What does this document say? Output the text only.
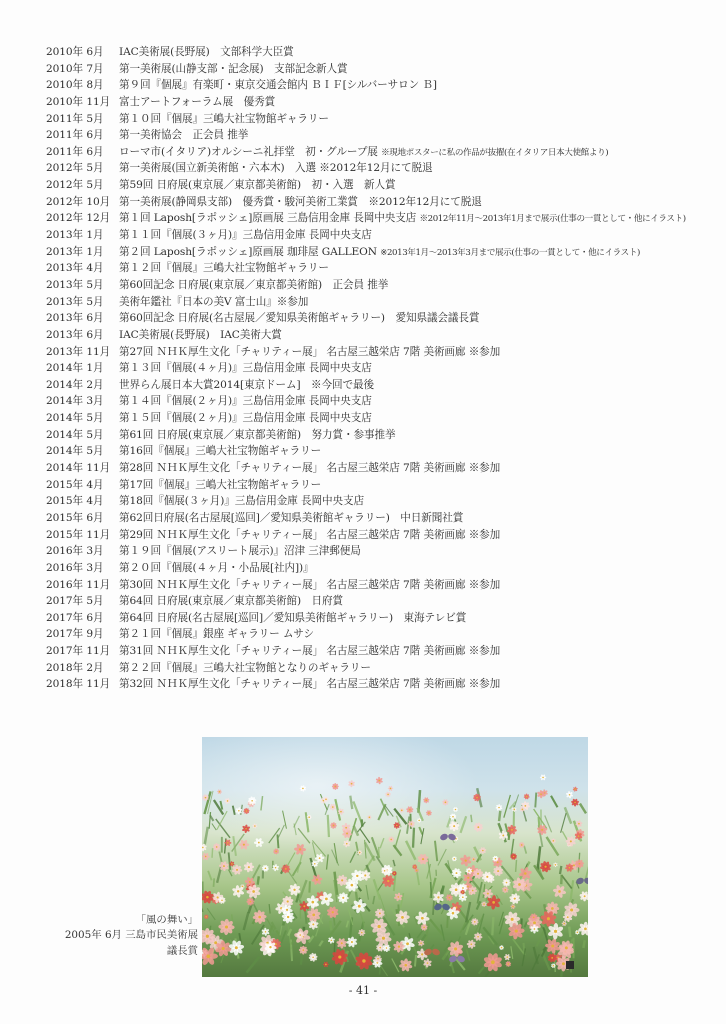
2010年 6月	IAC美術展(長野展)　文部科学大臣賞
2010年 7月	第一美術展(山静支部・記念展)　支部記念新人賞
2010年 8月	第９回『個展』有楽町・東京交通会館内 ＢＩＦ[シルバーサロン Ｂ]
2010年 11月 富士アートフォーラム展　優秀賞
2011年 5月	第１０回『個展』三嶋大社宝物館ギャラリー
2011年 6月	第一美術協会　正会員 推挙
2011年 6月	ローマ市(イタリア)オルシーニ礼拝堂　初・グループ展 ※現地ポスターに私の作品が抜擢(在イタリア日本大使館より)
2012年 5月	第一美術展(国立新美術館・六本木)　入選 ※2012年12月にて脱退
2012年 5月	第59回 日府展(東京展／東京都美術館)　初・入選　新人賞
2012年 10月 第一美術展(静岡県支部)　優秀賞・駿河美術工業賞　※2012年12月にて脱退
2012年 12月 第１回 Laposh[ラポッシェ]原画展 三島信用金庫 長岡中央支店 ※2012年11月～2013年1月まで展示(仕事の一貫として・他にイラスト)
2013年 1月	第１１回『個展(３ヶ月)』三島信用金庫 長岡中央支店
2013年 1月	第２回 Laposh[ラポッシェ]原画展 珈琲屋 GALLEON ※2013年1月～2013年3月まで展示(仕事の一貫として・他にイラスト)
2013年 4月	第１２回『個展』三嶋大社宝物館ギャラリー
2013年 5月	第60回記念 日府展(東京展／東京都美術館)　正会員 推挙
2013年 5月	美術年鑑社『日本の美Ⅴ 富士山』※参加
2013年 6月	第60回記念 日府展(名古屋展／愛知県美術館ギャラリー)　愛知県議会議長賞
2013年 6月	IAC美術展(長野展)　IAC美術大賞
2013年 11月 第27回 ＮＨＫ厚生文化「チャリティー展」 名古屋三越栄店 7階 美術画廊 ※参加
2014年 1月	第１３回『個展(４ヶ月)』三島信用金庫 長岡中央支店
2014年 2月	世界らん展日本大賞2014[東京ドーム]　※今回で最後
2014年 3月	第１４回『個展(２ヶ月)』三島信用金庫 長岡中央支店
2014年 5月	第１５回『個展(２ヶ月)』三島信用金庫 長岡中央支店
2014年 5月	第61回 日府展(東京展／東京都美術館)　努力賞・参事推挙
2014年 5月	第16回『個展』三嶋大社宝物館ギャラリー
2014年 11月 第28回 ＮＨＫ厚生文化「チャリティー展」 名古屋三越栄店 7階 美術画廊 ※参加
2015年 4月	第17回『個展』三嶋大社宝物館ギャラリー
2015年 4月	第18回『個展(３ヶ月)』三島信用金庫 長岡中央支店
2015年 6月	第62回日府展(名古屋展[巡回]／愛知県美術館ギャラリー)　中日新聞社賞
2015年 11月 第29回 ＮＨＫ厚生文化「チャリティー展」 名古屋三越栄店 7階 美術画廊 ※参加
2016年 3月	第１９回『個展(アスリート展示)』沼津 三津郵便局
2016年 3月	第２０回『個展(４ヶ月・小品展[社内])』
2016年 11月 第30回 ＮＨＫ厚生文化「チャリティー展」 名古屋三越栄店 7階 美術画廊 ※参加
2017年 5月	第64回 日府展(東京展／東京都美術館)　日府賞
2017年 6月	第64回 日府展(名古屋展[巡回]／愛知県美術館ギャラリー)　東海テレビ賞
2017年 9月	第２１回『個展』銀座 ギャラリー ムサシ
2017年 11月 第31回 ＮＨＫ厚生文化「チャリティー展」 名古屋三越栄店 7階 美術画廊 ※参加
2018年 2月	第２２回『個展』三嶋大社宝物館となりのギャラリー
2018年 11月 第32回 ＮＨＫ厚生文化「チャリティー展」 名古屋三越栄店 7階 美術画廊 ※参加
「風の舞い」
2005年 6月 三島市民美術展
議長賞
- 41 -
